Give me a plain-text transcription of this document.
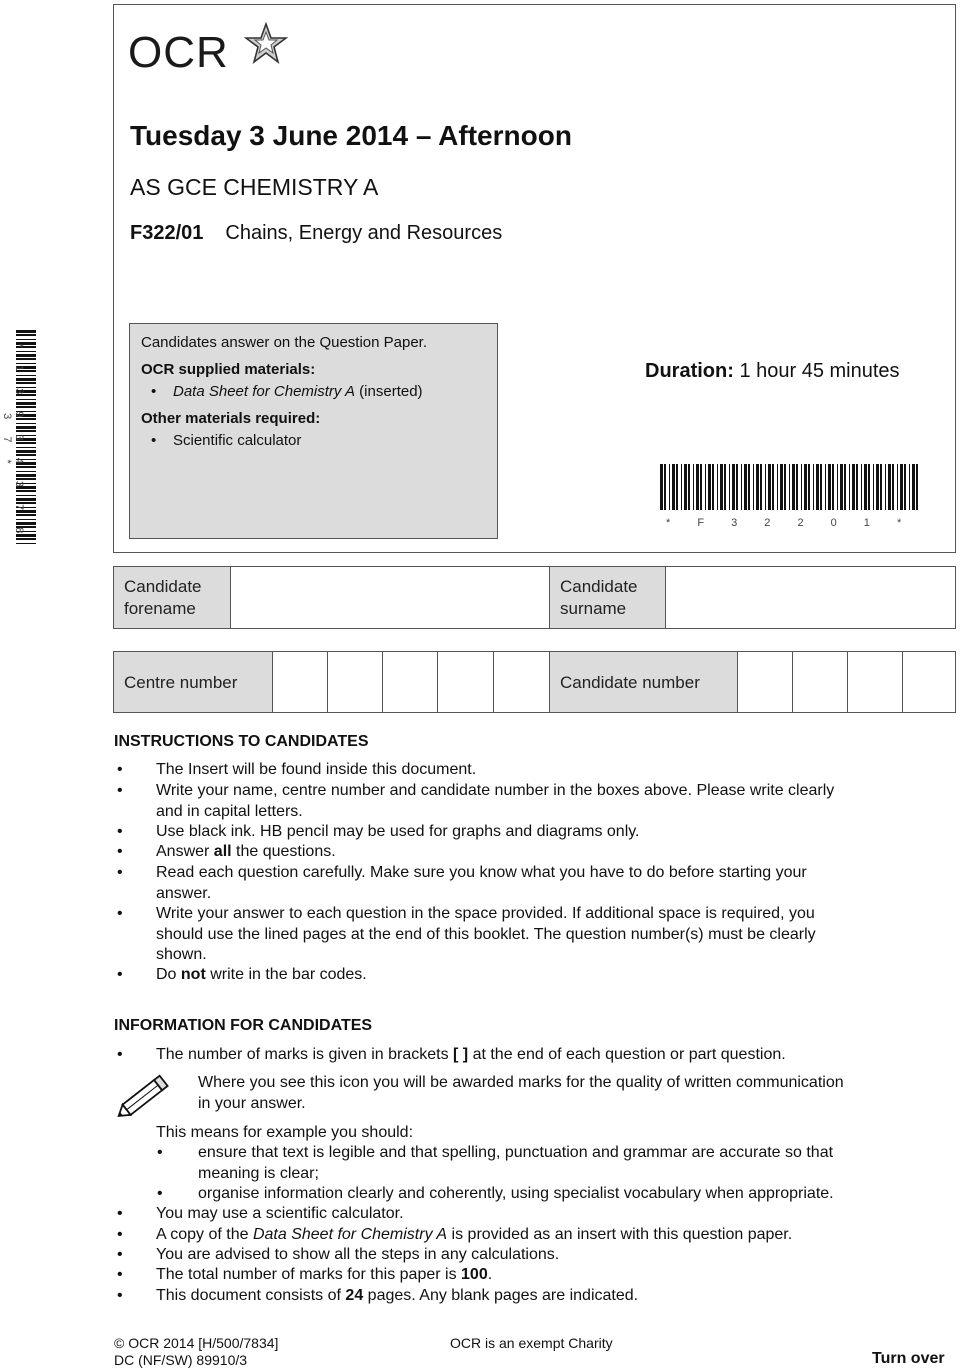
OCR
Tuesday 3 June 2014 – Afternoon
AS GCE CHEMISTRY A
F322/01 Chains, Energy and Resources
Candidates answer on the Question Paper.
OCR supplied materials:
• Data Sheet for Chemistry A (inserted)
Other materials required:
• Scientific calculator
Duration: 1 hour 45 minutes
* F 3 2 2 0 1 *
* 1 3 9 3 4 3 7 8 3 7 *
Candidate
forename
Candidate
surname
Centre number	Candidate number
INSTRUCTIONS TO CANDIDATES
• The Insert will be found inside this document.
• Write your name, centre number and candidate number in the boxes above. Please write clearly
and in capital letters.
• Use black ink. HB pencil may be used for graphs and diagrams only.
• Answer all the questions.
• Read each question carefully. Make sure you know what you have to do before starting your
answer.
• Write your answer to each question in the space provided. If additional space is required, you
should use the lined pages at the end of this booklet. The question number(s) must be clearly
shown.
• Do not write in the bar codes.
INFORMATION FOR CANDIDATES
• The number of marks is given in brackets [ ] at the end of each question or part question.
Where you see this icon you will be awarded marks for the quality of written communication
in your answer.
This means for example you should:
• ensure that text is legible and that spelling, punctuation and grammar are accurate so that
meaning is clear;
• organise information clearly and coherently, using specialist vocabulary when appropriate.
• You may use a scientific calculator.
• A copy of the Data Sheet for Chemistry A is provided as an insert with this question paper.
• You are advised to show all the steps in any calculations.
• The total number of marks for this paper is 100.
• This document consists of 24 pages. Any blank pages are indicated.
© OCR 2014 [H/500/7834]
DC (NF/SW) 89910/3
OCR is an exempt Charity
Turn over
